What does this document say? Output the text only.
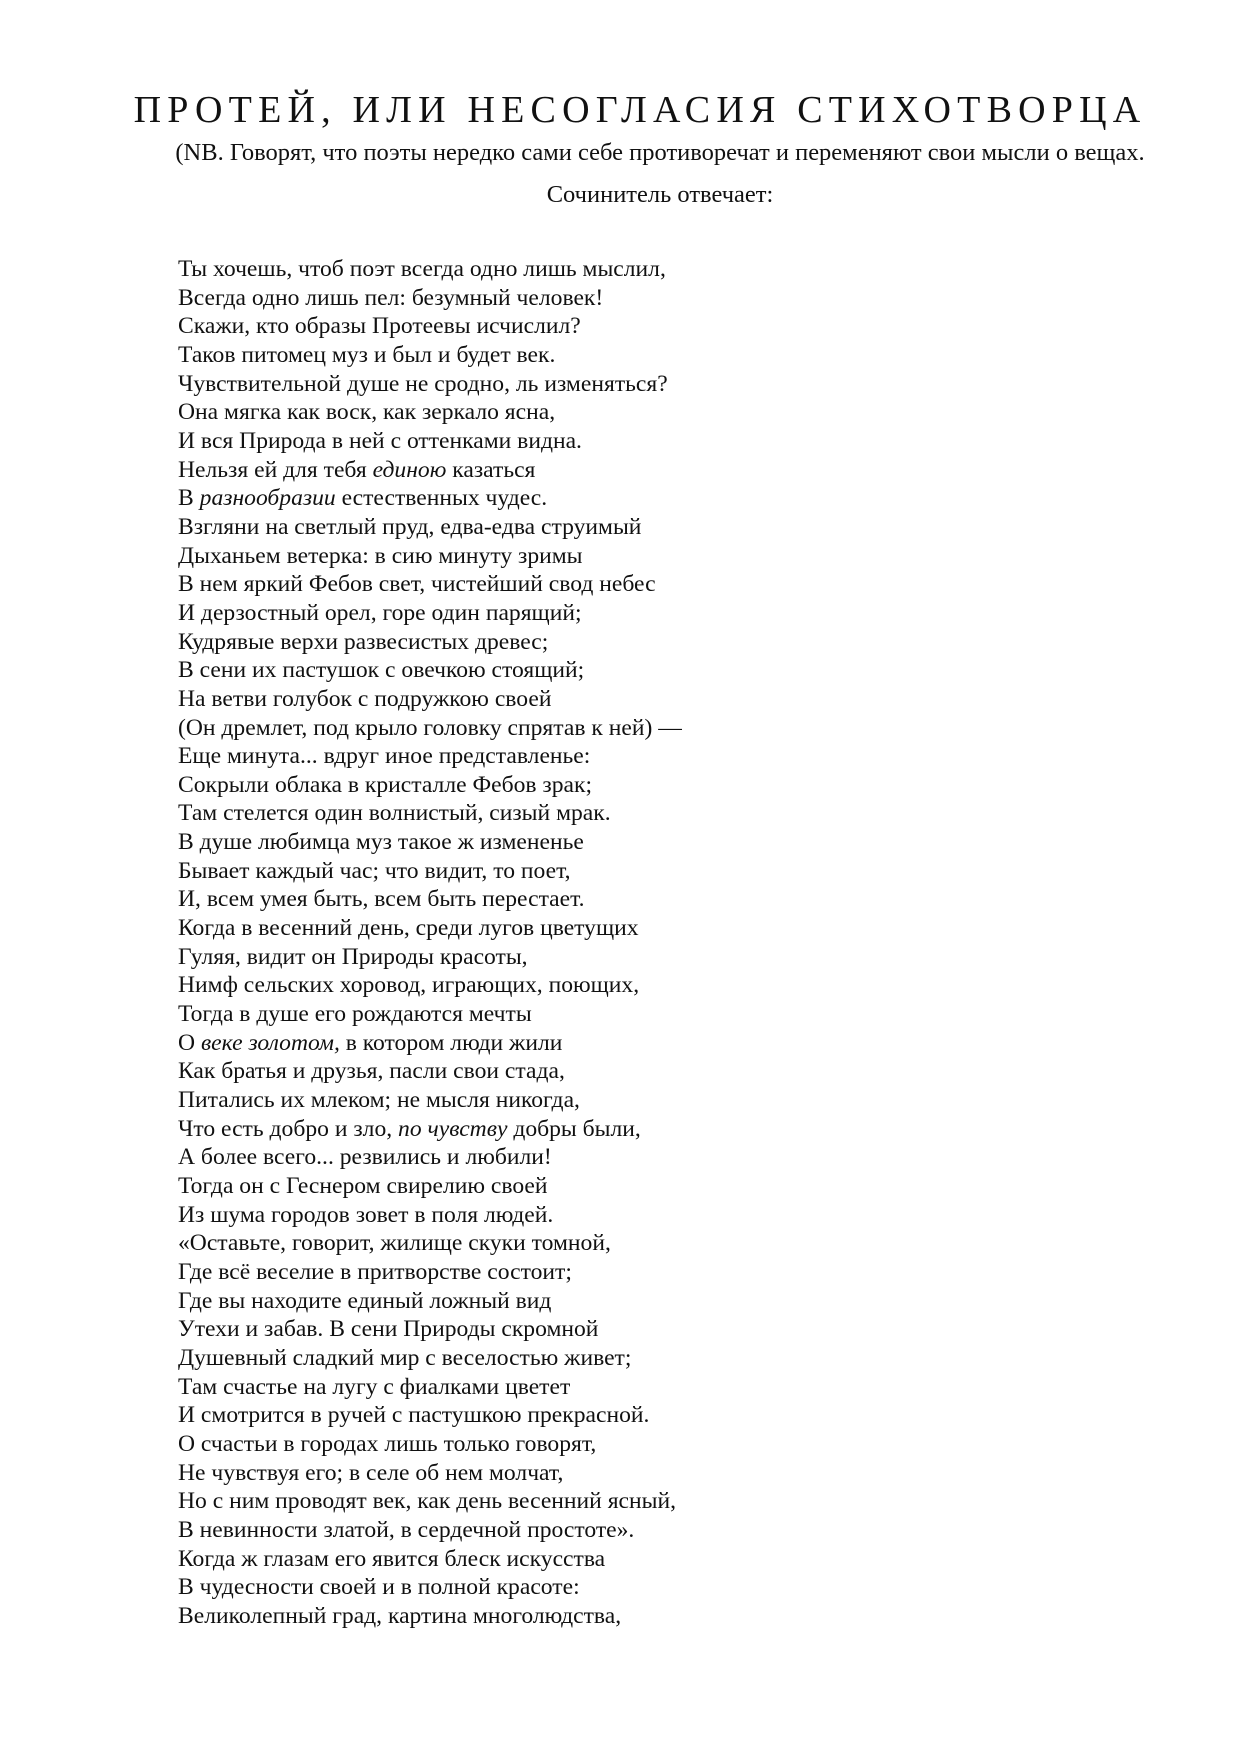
ПРОТЕЙ, ИЛИ НЕСОГЛАСИЯ СТИХОТВОРЦА

(NB. Говорят, что поэты нередко сами себе противоречат и переменяют свои мысли о вещах. Сочинитель отвечает:

Ты хочешь, чтоб поэт всегда одно лишь мыслил,
Всегда одно лишь пел: безумный человек!
Скажи, кто образы Протеевы исчислил?
Таков питомец муз и был и будет век.
Чувствительной душе не сродно, ль изменяться?
Она мягка как воск, как зеркало ясна,
И вся Природа в ней с оттенками видна.
Нельзя ей для тебя единою казаться
В разнообразии естественных чудес.
Взгляни на светлый пруд, едва-едва струимый
Дыханьем ветерка: в сию минуту зримы
В нем яркий Фебов свет, чистейший свод небес
И дерзостный орел, горе один парящий;
Кудрявые верхи развесистых древес;
В сени их пастушок с овечкою стоящий;
На ветви голубок с подружкою своей
(Он дремлет, под крыло головку спрятав к ней) —
Еще минута... вдруг иное представленье:
Сокрыли облака в кристалле Фебов зрак;
Там стелется один волнистый, сизый мрак.
В душе любимца муз такое ж измененье
Бывает каждый час; что видит, то поет,
И, всем умея быть, всем быть перестает.
Когда в весенний день, среди лугов цветущих
Гуляя, видит он Природы красоты,
Нимф сельских хоровод, играющих, поющих,
Тогда в душе его рождаются мечты
О веке золотом, в котором люди жили
Как братья и друзья, пасли свои стада,
Питались их млеком; не мысля никогда,
Что есть добро и зло, по чувству добры были,
А более всего... резвились и любили!
Тогда он с Геснером свирелию своей
Из шума городов зовет в поля людей.
«Оставьте, говорит, жилище скуки томной,
Где всё веселие в притворстве состоит;
Где вы находите единый ложный вид
Утехи и забав. В сени Природы скромной
Душевный сладкий мир с веселостью живет;
Там счастье на лугу с фиалками цветет
И смотрится в ручей с пастушкою прекрасной.
О счастьи в городах лишь только говорят,
Не чувствуя его; в селе об нем молчат,
Но с ним проводят век, как день весенний ясный,
В невинности златой, в сердечной простоте».
Когда ж глазам его явится блеск искусства
В чудесности своей и в полной красоте:
Великолепный град, картина многолюдства,
